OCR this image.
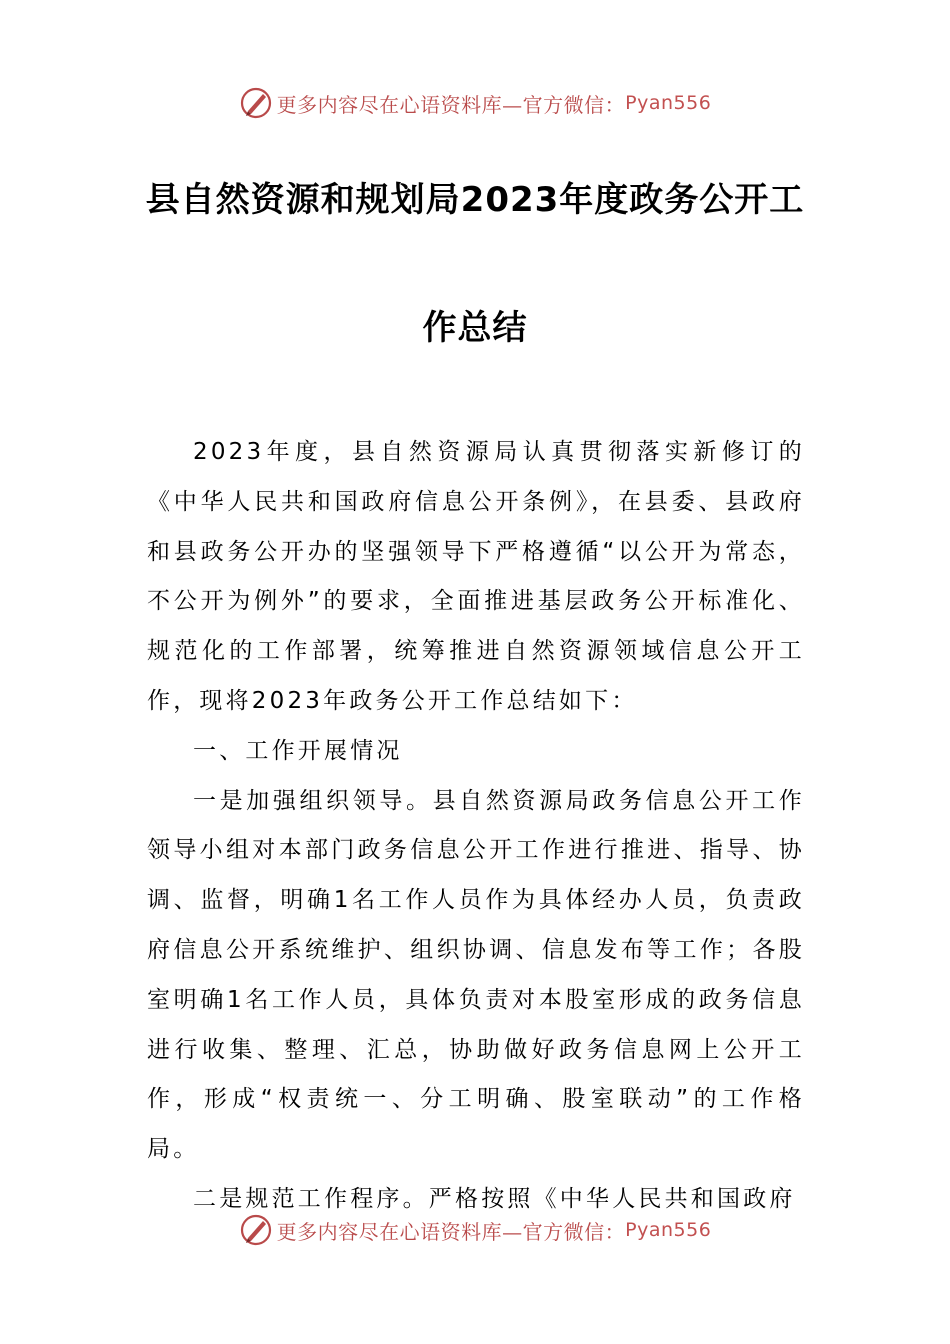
更多内容尽在心语资料库—官方微信： Pyan556
县自然资源和规划局2023年度政务公开工
作总结

2023年度，县自然资源局认真贯彻落实新修订的《中华人民共和国政府信息公开条例》，在县委、县政府和县政务公开办的坚强领导下严格遵循“以公开为常态，不公开为例外”的要求，全面推进基层政务公开标准化、规范化的工作部署，统筹推进自然资源领域信息公开工作，现将2023年政务公开工作总结如下：

一、工作开展情况

一是加强组织领导。县自然资源局政务信息公开工作领导小组对本部门政务信息公开工作进行推进、指导、协调、监督，明确1名工作人员作为具体经办人员，负责政府信息公开系统维护、组织协调、信息发布等工作；各股室明确1名工作人员，具体负责对本股室形成的政务信息进行收集、整理、汇总，协助做好政务信息网上公开工作，形成“权责统一、分工明确、股室联动”的工作格局。

二是规范工作程序。严格按照《中华人民共和国政府

更多内容尽在心语资料库—官方微信： Pyan556
